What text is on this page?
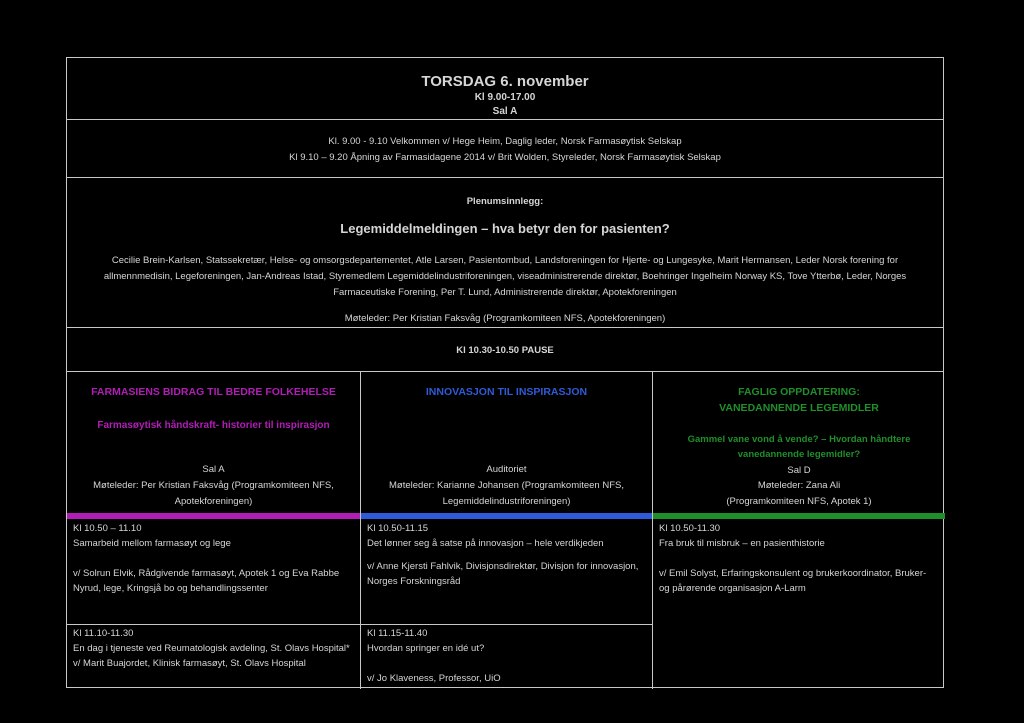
TORSDAG 6. november
Kl 9.00-17.00
Sal A
Kl. 9.00 - 9.10 Velkommen v/ Hege Heim, Daglig leder, Norsk Farmasøytisk Selskap
Kl 9.10 – 9.20 Åpning av Farmasidagene 2014 v/ Brit Wolden, Styreleder, Norsk Farmasøytisk Selskap
Plenumsinnlegg:
Legemiddelmeldingen – hva betyr den for pasienten?
Cecilie Brein-Karlsen, Statssekretær, Helse- og omsorgsdepartementet, Atle Larsen, Pasientombud, Landsforeningen for Hjerte- og Lungesyke, Marit Hermansen, Leder Norsk forening for allmennmedisin, Legeforeningen, Jan-Andreas Istad, Styremedlem Legemiddelindustriforeningen, viseadministrerende direktør, Boehringer Ingelheim Norway KS, Tove Ytterbø, Leder, Norges Farmaceutiske Forening, Per T. Lund, Administrerende direktør, Apotekforeningen
Møteleder: Per Kristian Faksvåg (Programkomiteen NFS, Apotekforeningen)
Kl 10.30-10.50 PAUSE
FARMASIENS BIDRAG TIL BEDRE FOLKEHELSE
Farmasøytisk håndskraft- historier til inspirasjon
Sal A
Møteleder: Per Kristian Faksvåg (Programkomiteen NFS, Apotekforeningen)
Kl 10.50 – 11.10
Samarbeid mellom farmasøyt og lege
v/ Solrun Elvik, Rådgivende farmasøyt, Apotek 1 og Eva Rabbe Nyrud, lege, Kringsjå bo og behandlingssenter
Kl 11.10-11.30
En dag i tjeneste ved Reumatologisk avdeling, St. Olavs Hospital*
v/ Marit Buajordet, Klinisk farmasøyt, St. Olavs Hospital
INNOVASJON TIL INSPIRASJON
Auditoriet
Møteleder: Karianne Johansen (Programkomiteen NFS, Legemiddelindustriforeningen)
Kl 10.50-11.15
Det lønner seg å satse på innovasjon – hele verdikjeden
v/ Anne Kjersti Fahlvik, Divisjonsdirektør, Divisjon for innovasjon, Norges Forskningsråd
Kl 11.15-11.40
Hvordan springer en idé ut?
v/ Jo Klaveness, Professor, UiO
FAGLIG OPPDATERING:
VANEDANNENDE LEGEMIDLER
Gammel vane vond å vende? – Hvordan håndtere vanedannende legemidler?
Sal D
Møteleder: Zana Ali
(Programkomiteen NFS, Apotek 1)
Kl 10.50-11.30
Fra bruk til misbruk – en pasienthistorie
v/ Emil Solyst, Erfaringskonsulent og brukerkoordinator, Bruker- og pårørende organisasjon A-Larm
